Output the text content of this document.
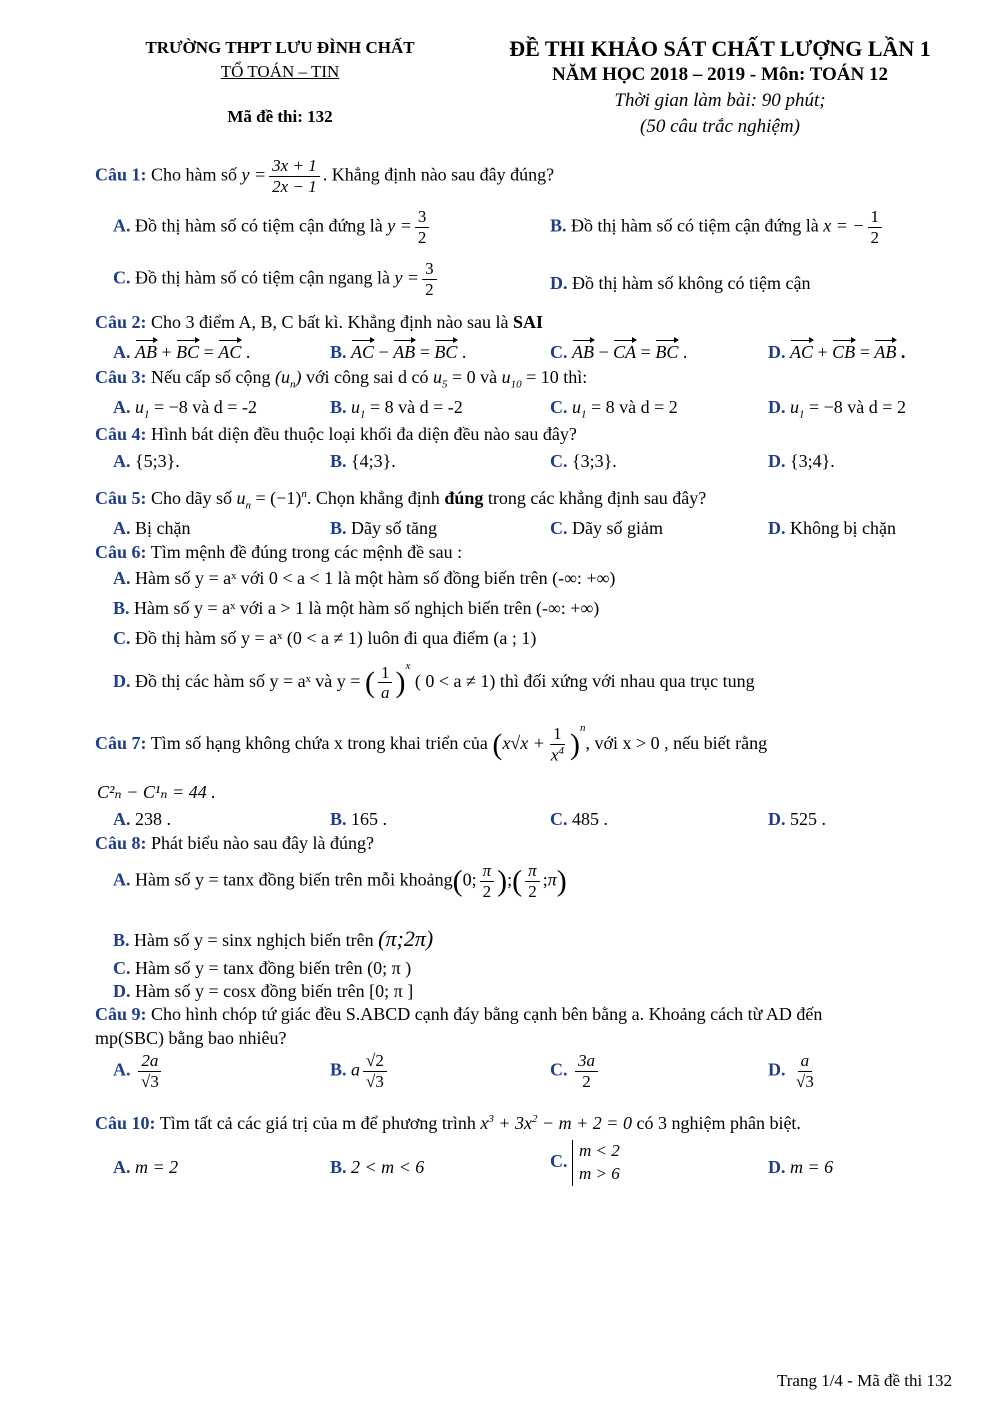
TRƯỜNG THPT LƯU ĐÌNH CHẤT
TỔ TOÁN – TIN
Mã đề thi: 132
ĐỀ THI KHẢO SÁT CHẤT LƯỢNG LẦN 1
NĂM HỌC 2018 – 2019 - Môn: TOÁN 12
Thời gian làm bài: 90 phút;
(50 câu trắc nghiệm)
Câu 1: Cho hàm số $y = \frac{3x + 1}{2x - 1}$ . Khẳng định nào sau đây đúng?
A. Đồ thị hàm số có tiệm cận đứng là $y = \frac{3}{2}$	B. Đồ thị hàm số có tiệm cận đứng là x = − $\frac{1}{2}$
C. Đồ thị hàm số có tiệm cận ngang là $y = \frac{3}{2}$	D. Đồ thị hàm số không có tiệm cận
Câu 2: Cho 3 điểm A, B, C bất kì. Khẳng định nào sau là SAI
A. AB + BC = AC .	B. AC − AB = BC .	C. AB − CA = BC .	D. AC + CB = AB .
Câu 3: Nếu cấp số cộng $(u_n)$ với công sai d có $u_5 = 0$ và $u_{10} = 10$ thì:
A. $u_1 = -8$ và d = -2	B. $u_1 = 8$ và d = -2	C. $u_1 = 8$ và d = 2	D. $u_1 = -8$ và d = 2
Câu 4: Hình bát diện đều thuộc loại khối đa diện đều nào sau đây?
A. {5;3}.	B. {4;3}.	C. {3;3}.	D. {3;4}.
Câu 5: Cho dãy số $u_n = (-1)^n$. Chọn khẳng định đúng trong các khẳng định sau đây?
A. Bị chặn	B. Dãy số tăng	C. Dãy số giảm	D. Không bị chặn
Câu 6: Tìm mệnh đề đúng trong các mệnh đề sau :
A. Hàm số y = aˣ với 0 < a < 1 là một hàm số đồng biến trên (-∞: +∞)
B. Hàm số y = aˣ với a > 1 là một hàm số nghịch biến trên (-∞: +∞)
C. Đồ thị hàm số y = aˣ (0 < a ≠ 1) luôn đi qua điểm (a ; 1)
D. Đồ thị các hàm số y = aˣ và y = ( $\frac{1}{a} )^x$ ( 0 < a ≠ 1) thì đối xứng với nhau qua trục tung
Câu 7: Tìm số hạng không chứa x trong khai triển của $(x√x + \frac{1}{x^4} )^n$, với x > 0 , nếu biết rằng
C²ₙ − C¹ₙ = 44 .
A. 238 .	B. 165 .	C. 485 .	D. 525 .
Câu 8: Phát biểu nào sau đây là đúng?
A. Hàm số y = tanx đồng biến trên mỗi khoảng(0; $\frac{\pi}{2}$ );( $\frac{\pi}{2}$ ;π)
B. Hàm số y = sinx nghịch biến trên (π;2π)
C. Hàm số y = tanx đồng biến trên (0; π )
D. Hàm số y = cosx đồng biến trên [0; π ]
Câu 9: Cho hình chóp tứ giác đều S.ABCD cạnh đáy bằng cạnh bên bằng a. Khoảng cách từ AD đến
mp(SBC) bằng bao nhiêu?
A. $\frac{2a}{√3}$	B. a $\frac{√2}{√3}$	C. $\frac{3a}{2}$	D. $\frac{a}{√3}$
Câu 10: Tìm tất cả các giá trị của m để phương trình $x^3 + 3x^2 - m + 2 = 0$ có 3 nghiệm phân biệt.
A. m = 2	B. 2 < m < 6	C. m < 2
m > 6	D. m = 6
Trang 1/4 - Mã đề thi 132
